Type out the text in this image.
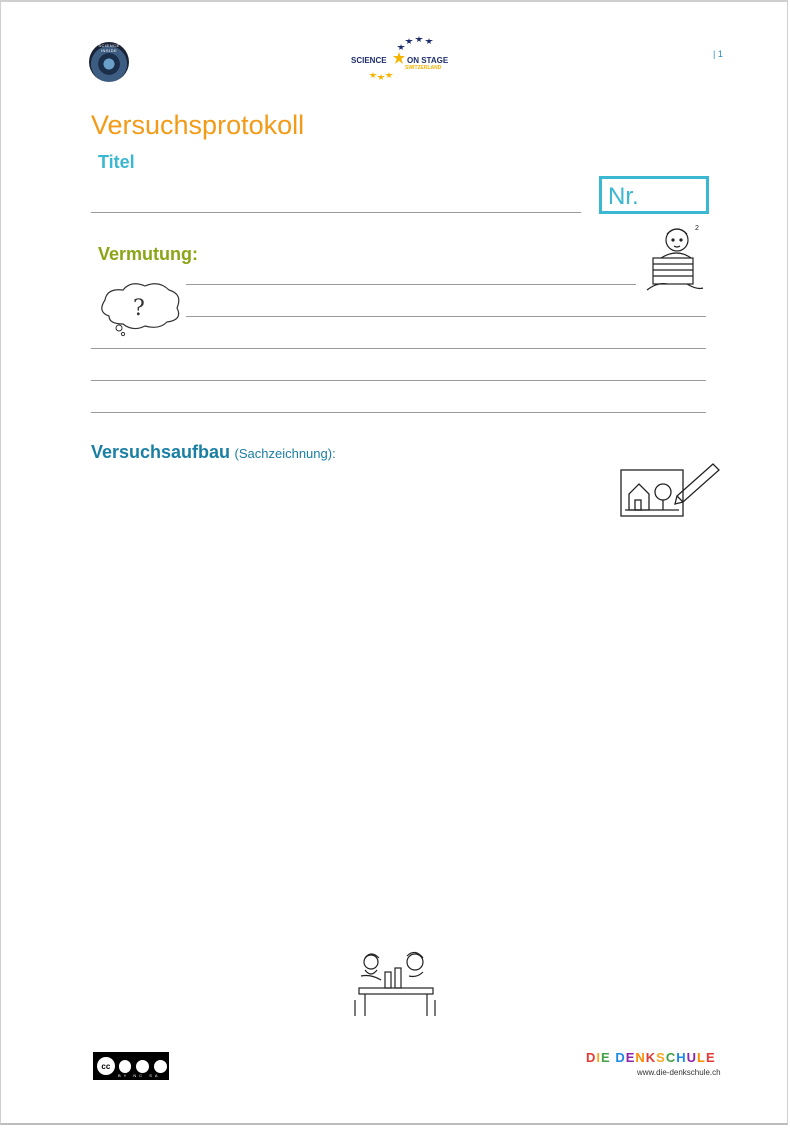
SCIENCE INSIDE
SCIENCE	ON STAGE
SWITZERLAND
| 1
Versuchsprotokoll
Titel
Nr.
Vermutung:
2
?
Versuchsaufbau (Sachzeichnung):
cc
BY NC SA
DIE DENKSCHULE
www.die-denkschule.ch
